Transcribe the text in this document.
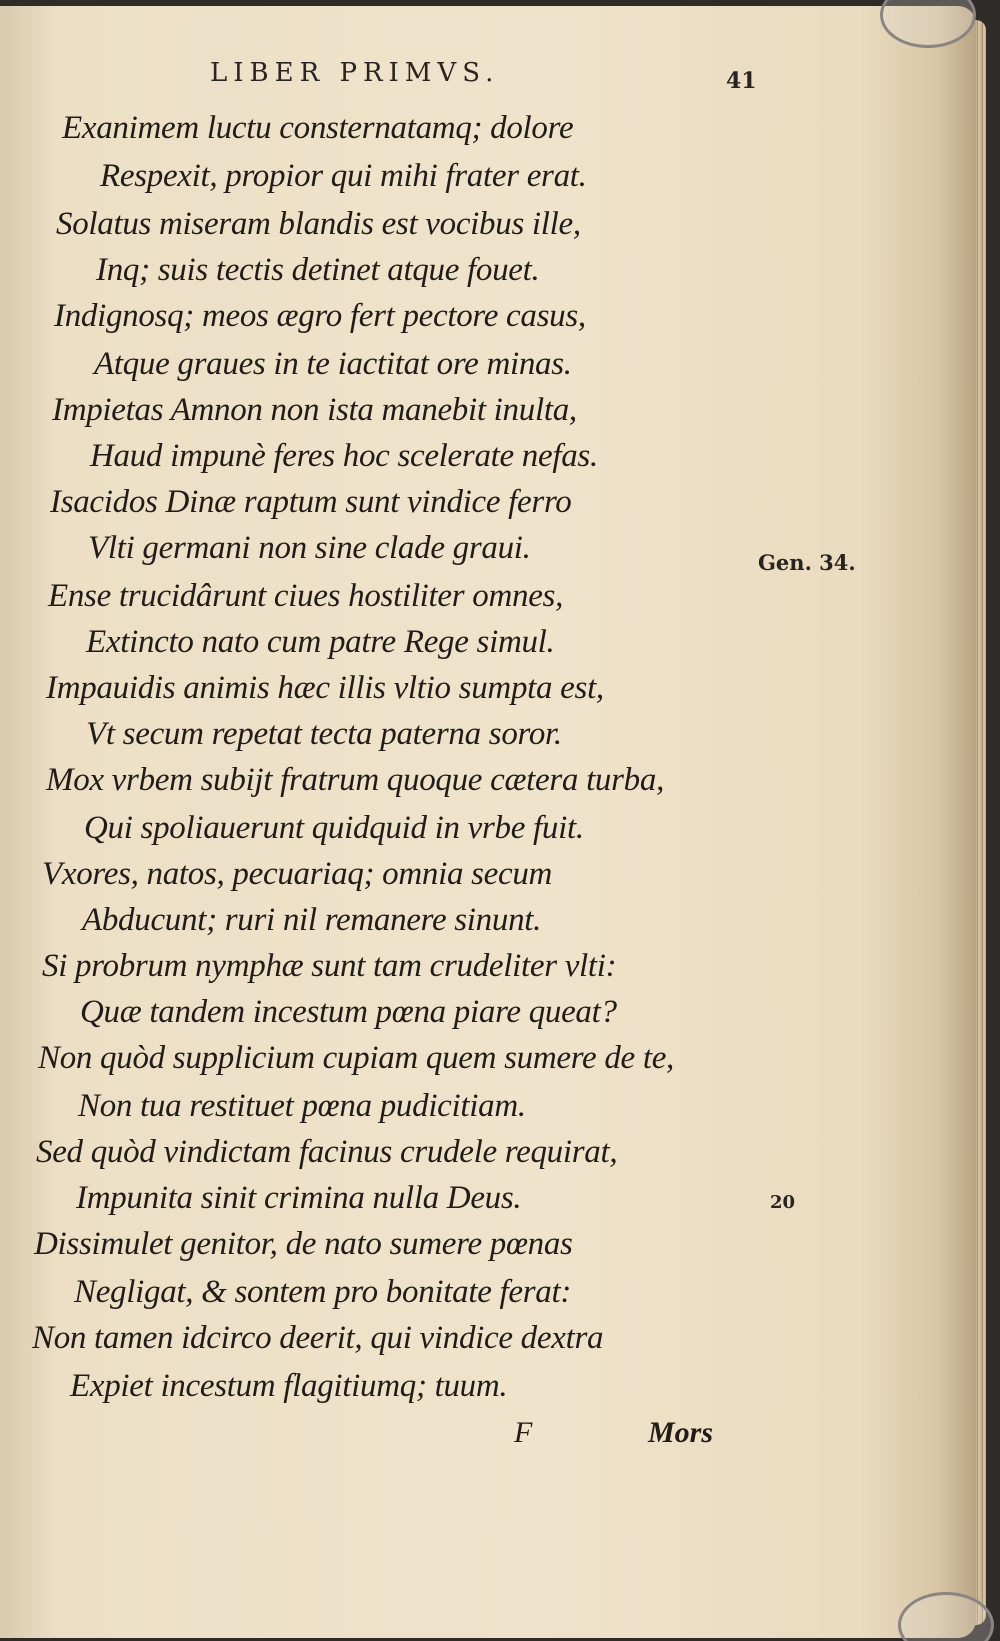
LIBER PRIMVS.	41
Exanimem luctu consternatamq; dolore
Respexit, propior qui mihi frater erat.
Solatus miseram blandis est vocibus ille,
Inq; suis tectis detinet atque fouet.
Indignosq; meos ægro fert pectore casus,
Atque graues in te iactitat ore minas.
Impietas Amnon non ista manebit inulta,
Haud impunè feres hoc scelerate nefas.
Isacidos Dinæ raptum sunt vindice ferro
Vlti germani non sine clade graui.
Ense trucidârunt ciues hostiliter omnes,
Extincto nato cum patre Rege simul.
Impauidis animis hæc illis vltio sumpta est,
Vt secum repetat tecta paterna soror.
Mox vrbem subijt fratrum quoque cætera turba,
Qui spoliauerunt quidquid in vrbe fuit.
Vxores, natos, pecuariaq; omnia secum
Abducunt; ruri nil remanere sinunt.
Si probrum nymphæ sunt tam crudeliter vlti:
Quæ tandem incestum pœna piare queat?
Non quòd supplicium cupiam quem sumere de te,
Non tua restituet pœna pudicitiam.
Sed quòd vindictam facinus crudele requirat,
Impunita sinit crimina nulla Deus.
Dissimulet genitor, de nato sumere pœnas
Negligat, & sontem pro bonitate ferat:
Non tamen idcirco deerit, qui vindice dextra
Expiet incestum flagitiumq; tuum.
Gen. 34.
20
F	Mors
